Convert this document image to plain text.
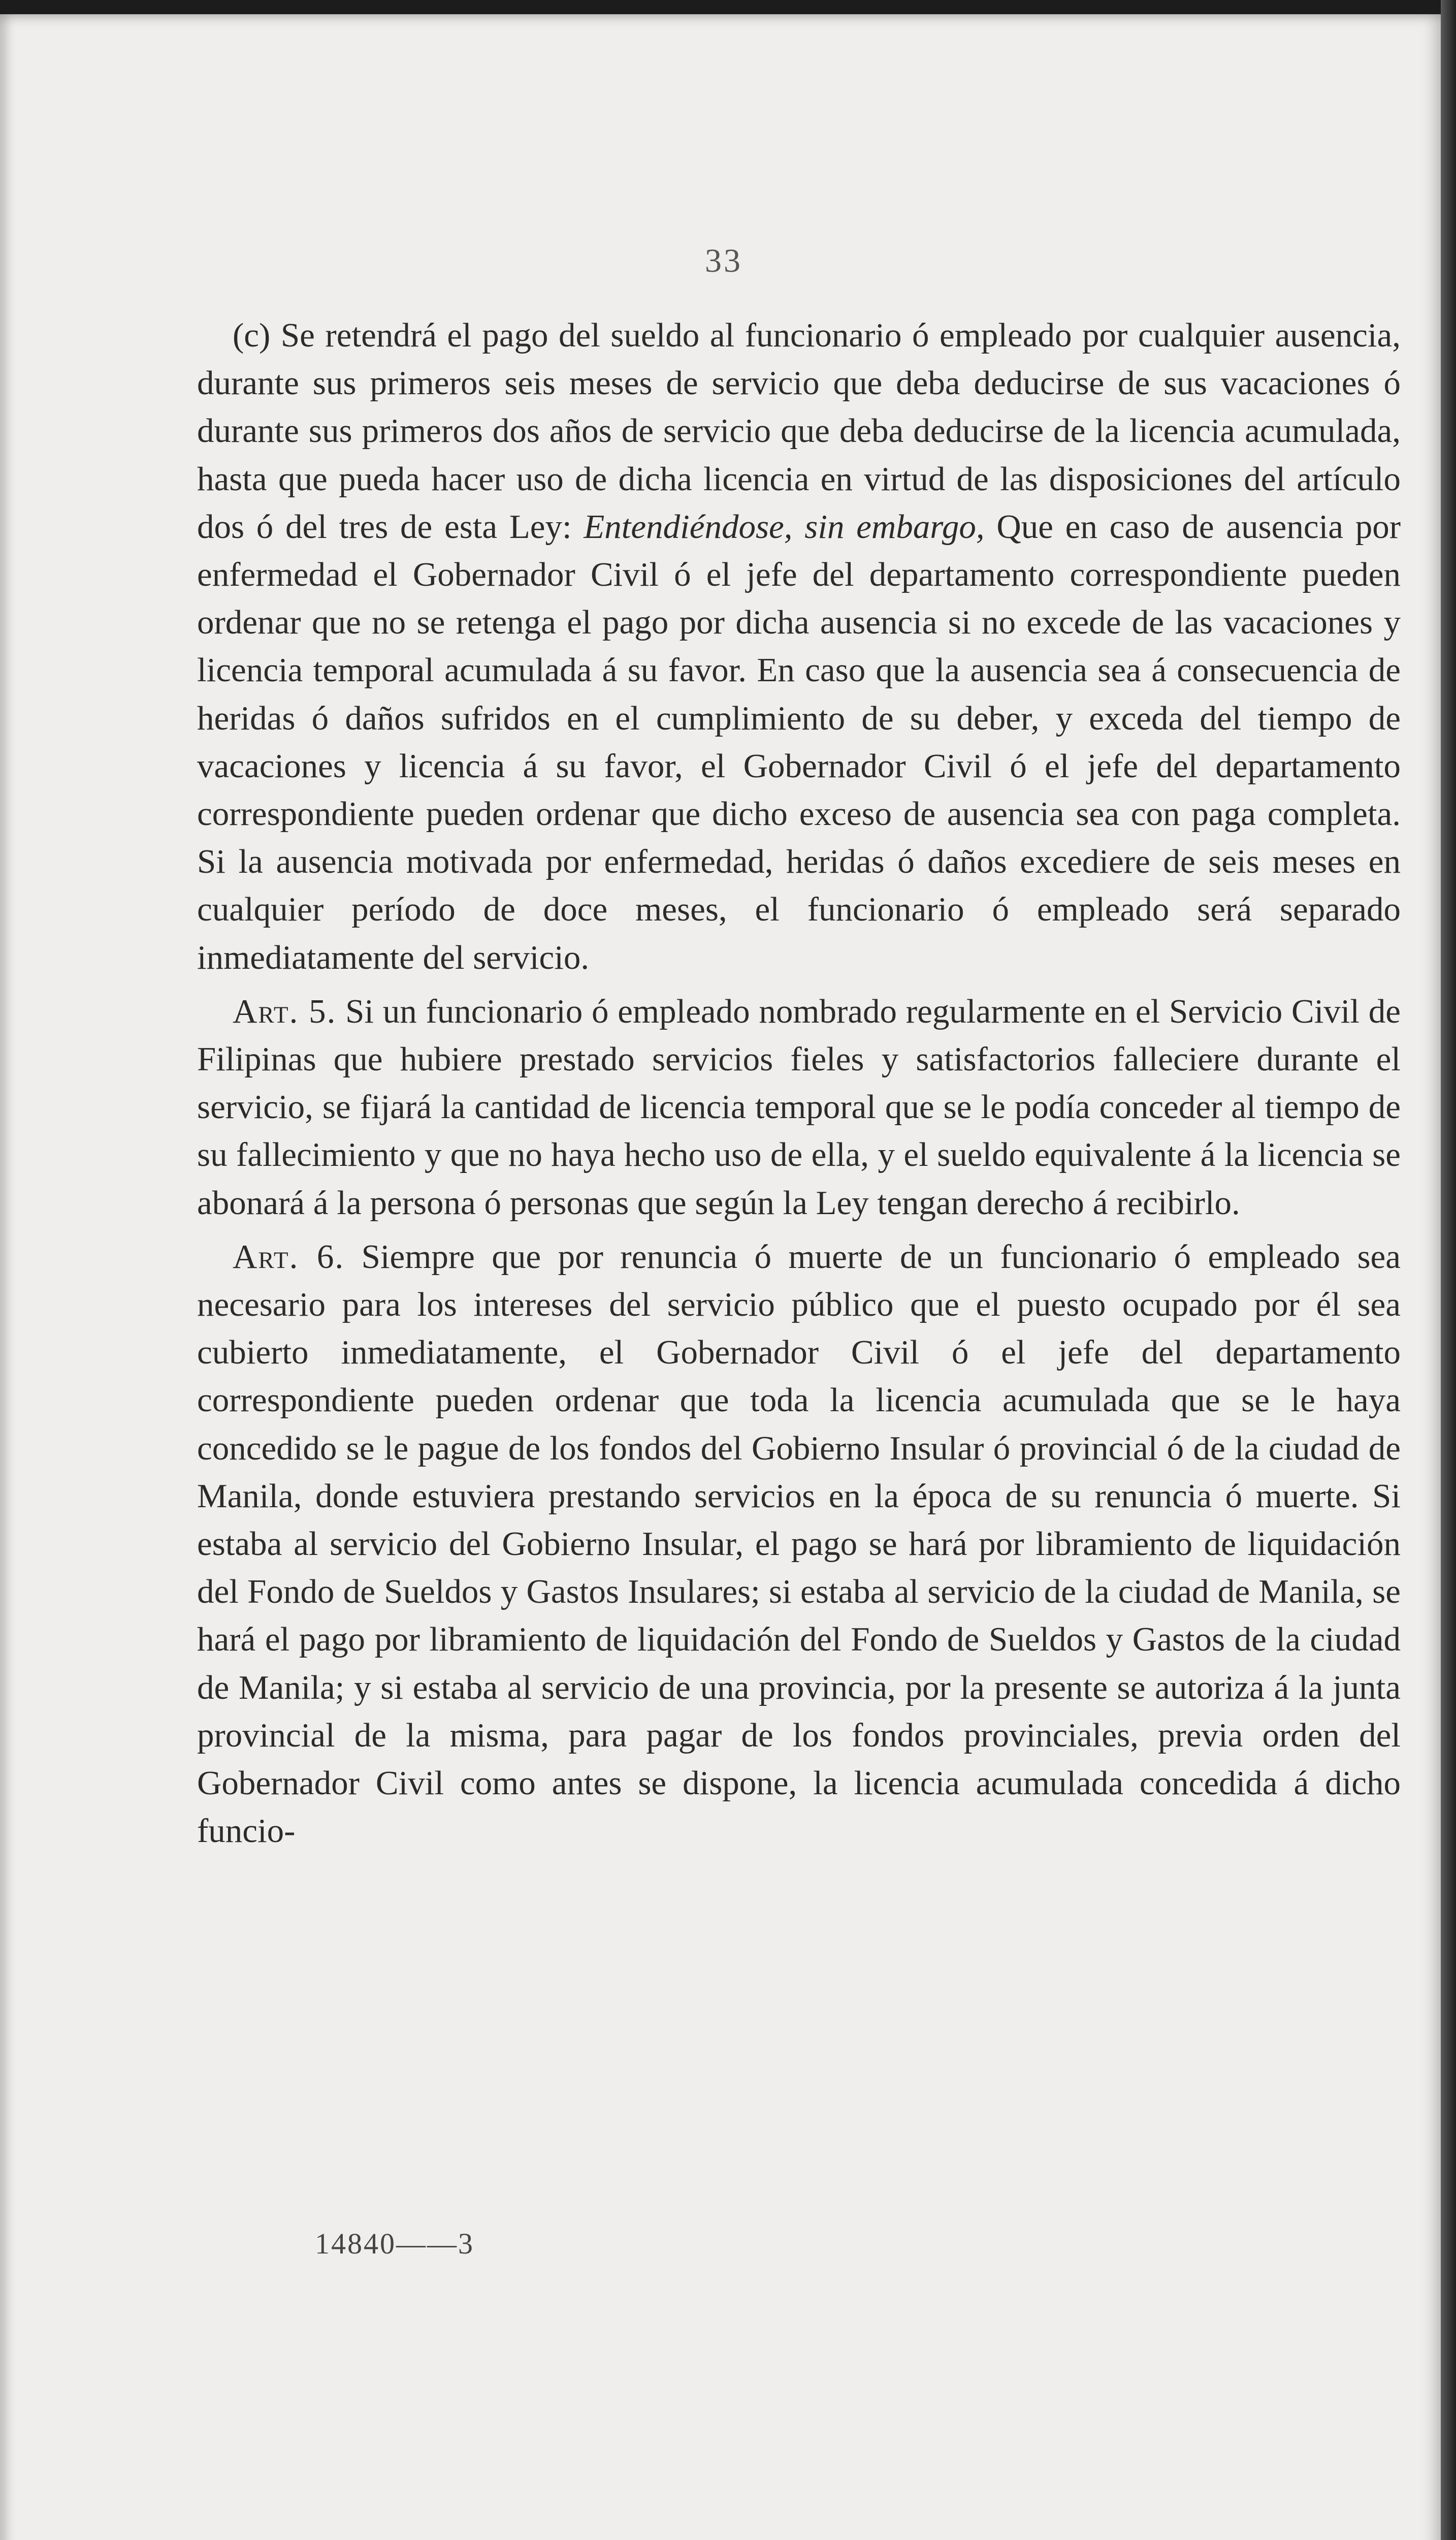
33

(c) Se retendrá el pago del sueldo al funcionario ó empleado por cualquier ausencia, durante sus primeros seis meses de servicio que deba deducirse de sus vacaciones ó durante sus primeros dos años de servicio que deba deducirse de la licencia acumulada, hasta que pueda hacer uso de dicha licencia en virtud de las disposiciones del artículo dos ó del tres de esta Ley: Entendiéndose, sin embargo, Que en caso de ausencia por enfermedad el Gobernador Civil ó el jefe del departamento correspondiente pueden ordenar que no se retenga el pago por dicha ausencia si no excede de las vacaciones y licencia temporal acumulada á su favor. En caso que la ausencia sea á consecuencia de heridas ó daños sufridos en el cumplimiento de su deber, y exceda del tiempo de vacaciones y licencia á su favor, el Gobernador Civil ó el jefe del departamento correspondiente pueden ordenar que dicho exceso de ausencia sea con paga completa. Si la ausencia motivada por enfermedad, heridas ó daños excediere de seis meses en cualquier período de doce meses, el funcionario ó empleado será separado inmediatamente del servicio.

Art. 5. Si un funcionario ó empleado nombrado regularmente en el Servicio Civil de Filipinas que hubiere prestado servicios fieles y satisfactorios falleciere durante el servicio, se fijará la cantidad de licencia temporal que se le podía conceder al tiempo de su fallecimiento y que no haya hecho uso de ella, y el sueldo equivalente á la licencia se abonará á la persona ó personas que según la Ley tengan derecho á recibirlo.

Art. 6. Siempre que por renuncia ó muerte de un funcionario ó empleado sea necesario para los intereses del servicio público que el puesto ocupado por él sea cubierto inmediatamente, el Gobernador Civil ó el jefe del departamento correspondiente pueden ordenar que toda la licencia acumulada que se le haya concedido se le pague de los fondos del Gobierno Insular ó provincial ó de la ciudad de Manila, donde estuviera prestando servicios en la época de su renuncia ó muerte. Si estaba al servicio del Gobierno Insular, el pago se hará por libramiento de liquidación del Fondo de Sueldos y Gastos Insulares; si estaba al servicio de la ciudad de Manila, se hará el pago por libramiento de liquidación del Fondo de Sueldos y Gastos de la ciudad de Manila; y si estaba al servicio de una provincia, por la presente se autoriza á la junta provincial de la misma, para pagar de los fondos provinciales, previa orden del Gobernador Civil como antes se dispone, la licencia acumulada concedida á dicho funcio-

14840——3
